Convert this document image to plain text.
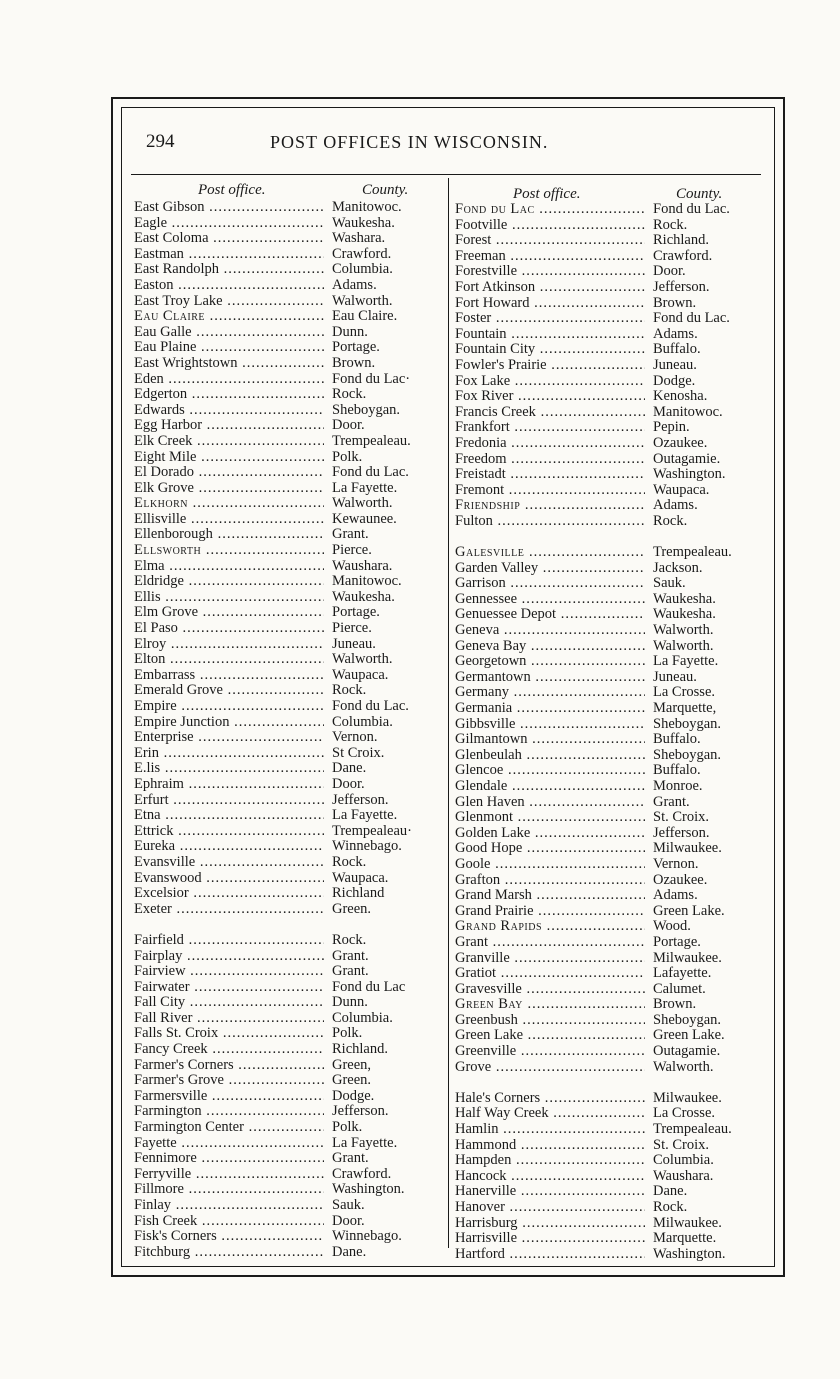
294	POST OFFICES IN WISCONSIN.
Post office.	County.	Post office.	County.
East Gibson .....	Manitowoc.
Eagle .....	Waukesha.
East Coloma .....	Washara.
Eastman .....	Crawford.
East Randolph .....	Columbia.
Easton .....	Adams.
East Troy Lake .....	Walworth.
Eau Claire .....	Eau Claire.
Eau Galle .....	Dunn.
Eau Plaine .....	Portage.
East Wrightstown .....	Brown.
Eden .....	Fond du Lac·
Edgerton .....	Rock.
Edwards .....	Sheboygan.
Egg Harbor .....	Door.
Elk Creek .....	Trempealeau.
Eight Mile .....	Polk.
El Dorado .....	Fond du Lac.
Elk Grove .....	La Fayette.
Elkhorn .....	Walworth.
Ellisville .....	Kewaunee.
Ellenborough .....	Grant.
Ellsworth .....	Pierce.
Elma .....	Waushara.
Eldridge .....	Manitowoc.
Ellis .....	Waukesha.
Elm Grove .....	Portage.
El Paso .....	Pierce.
Elroy .....	Juneau.
Elton .....	Walworth.
Embarrass .....	Waupaca.
Emerald Grove .....	Rock.
Empire .....	Fond du Lac.
Empire Junction .....	Columbia.
Enterprise .....	Vernon.
Erin .....	St Croix.
E.lis .....	Dane.
Ephraim .....	Door.
Erfurt .....	Jefferson.
Etna .....	La Fayette.
Ettrick .....	Trempealeau·
Eureka .....	Winnebago.
Evansville .....	Rock.
Evanswood .....	Waupaca.
Excelsior .....	Richland
Exeter .....	Green.
Fairfield .....	Rock.
Fairplay .....	Grant.
Fairview .....	Grant.
Fairwater .....	Fond du Lac
Fall City .....	Dunn.
Fall River .....	Columbia.
Falls St. Croix .....	Polk.
Fancy Creek .....	Richland.
Farmer's Corners .....	Green,
Farmer's Grove .....	Green.
Farmersville .....	Dodge.
Farmington .....	Jefferson.
Farmington Center .....	Polk.
Fayette .....	La Fayette.
Fennimore .....	Grant.
Ferryville .....	Crawford.
Fillmore .....	Washington.
Finlay .....	Sauk.
Fish Creek .....	Door.
Fisk's Corners .....	Winnebago.
Fitchburg .....	Dane.
Fond du Lac .....	Fond du Lac.
Footville .....	Rock.
Forest .....	Richland.
Freeman .....	Crawford.
Forestville .....	Door.
Fort Atkinson .....	Jefferson.
Fort Howard .....	Brown.
Foster .....	Fond du Lac.
Fountain .....	Adams.
Fountain City .....	Buffalo.
Fowler's Prairie .....	Juneau.
Fox Lake .....	Dodge.
Fox River .....	Kenosha.
Francis Creek .....	Manitowoc.
Frankfort .....	Pepin.
Fredonia .....	Ozaukee.
Freedom .....	Outagamie.
Freistadt .....	Washington.
Fremont .....	Waupaca.
Friendship .....	Adams.
Fulton .....	Rock.
Galesville .....	Trempealeau.
Garden Valley .....	Jackson.
Garrison .....	Sauk.
Gennessee .....	Waukesha.
Genuessee Depot .....	Waukesha.
Geneva .....	Walworth.
Geneva Bay .....	Walworth.
Georgetown .....	La Fayette.
Germantown .....	Juneau.
Germany .....	La Crosse.
Germania .....	Marquette,
Gibbsville .....	Sheboygan.
Gilmantown .....	Buffalo.
Glenbeulah .....	Sheboygan.
Glencoe .....	Buffalo.
Glendale .....	Monroe.
Glen Haven .....	Grant.
Glenmont .....	St. Croix.
Golden Lake .....	Jefferson.
Good Hope .....	Milwaukee.
Goole .....	Vernon.
Grafton .....	Ozaukee.
Grand Marsh .....	Adams.
Grand Prairie .....	Green Lake.
Grand Rapids .....	Wood.
Grant .....	Portage.
Granville .....	Milwaukee.
Gratiot .....	Lafayette.
Gravesville .....	Calumet.
Green Bay .....	Brown.
Greenbush .....	Sheboygan.
Green Lake .....	Green Lake.
Greenville .....	Outagamie.
Grove .....	Walworth.
Hale's Corners .....	Milwaukee.
Half Way Creek .....	La Crosse.
Hamlin .....	Trempealeau.
Hammond .....	St. Croix.
Hampden .....	Columbia.
Hancock .....	Waushara.
Hanerville .....	Dane.
Hanover .....	Rock.
Harrisburg .....	Milwaukee.
Harrisville .....	Marquette.
Hartford .....	Washington.
